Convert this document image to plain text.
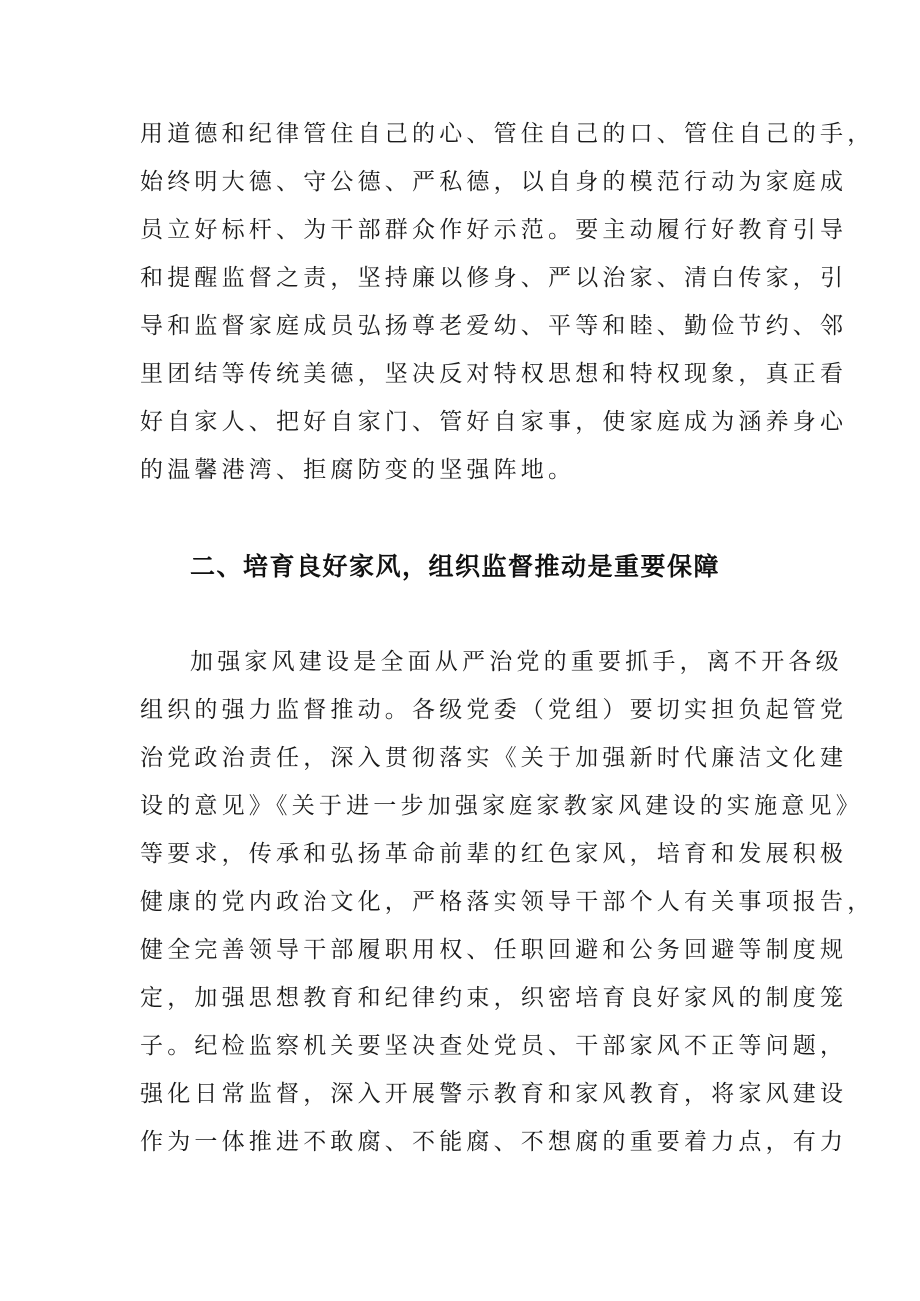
用道德和纪律管住自己的心、管住自己的口、管住自己的手，
始终明大德、守公德、严私德，以自身的模范行动为家庭成
员立好标杆、为干部群众作好示范。要主动履行好教育引导
和提醒监督之责，坚持廉以修身、严以治家、清白传家，引
导和监督家庭成员弘扬尊老爱幼、平等和睦、勤俭节约、邻
里团结等传统美德，坚决反对特权思想和特权现象，真正看
好自家人、把好自家门、管好自家事，使家庭成为涵养身心
的温馨港湾、拒腐防变的坚强阵地。
二、培育良好家风，组织监督推动是重要保障
加强家风建设是全面从严治党的重要抓手，离不开各级
组织的强力监督推动。各级党委（党组）要切实担负起管党
治党政治责任，深入贯彻落实《关于加强新时代廉洁文化建
设的意见》《关于进一步加强家庭家教家风建设的实施意见》
等要求，传承和弘扬革命前辈的红色家风，培育和发展积极
健康的党内政治文化，严格落实领导干部个人有关事项报告，
健全完善领导干部履职用权、任职回避和公务回避等制度规
定，加强思想教育和纪律约束，织密培育良好家风的制度笼
子。纪检监察机关要坚决查处党员、干部家风不正等问题，
强化日常监督，深入开展警示教育和家风教育，将家风建设
作为一体推进不敢腐、不能腐、不想腐的重要着力点，有力
